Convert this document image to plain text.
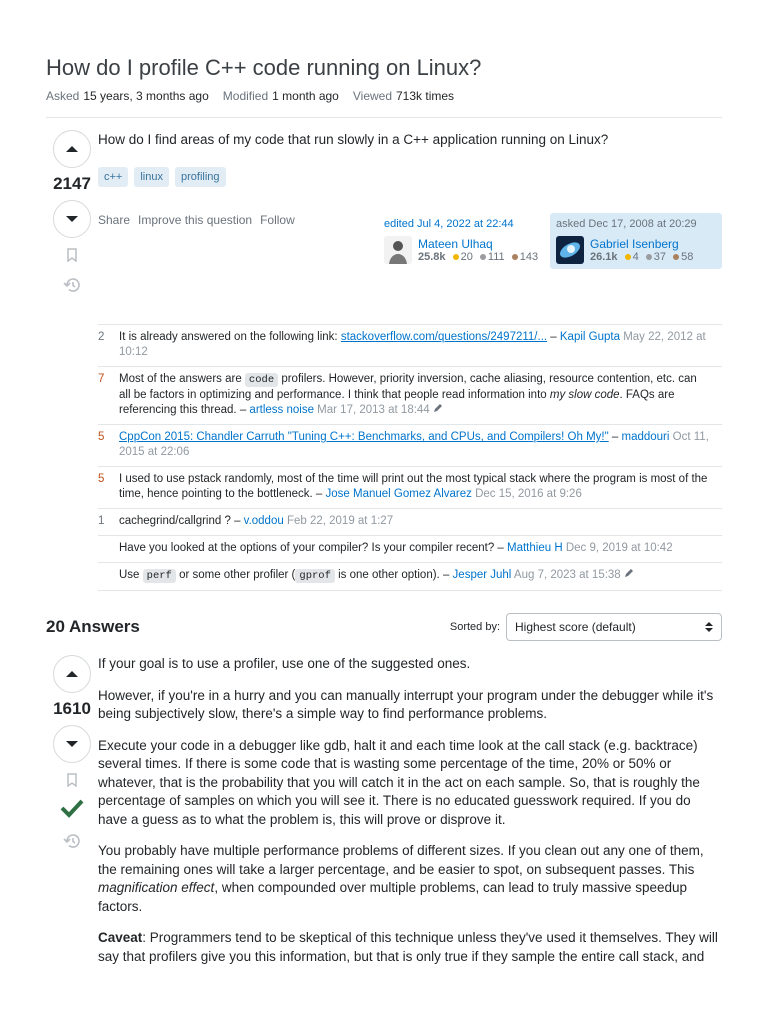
How do I profile C++ code running on Linux?
Asked 15 years, 3 months ago Modified 1 month ago Viewed 713k times
2147
How do I find areas of my code that run slowly in a C++ application running on Linux?
c++	linux	profiling
Share Improve this question Follow	edited Jul 4, 2022 at 22:44
Mateen Ulhaq
25.8k 20
111
143
asked Dec 17, 2008 at 20:29
Gabriel Isenberg
26.1k 4
37
58
2	It is already answered on the following link: stackoverflow.com/questions/2497211/... – Kapil Gupta May 22, 2012 at 10:12
7	Most of the answers are code profilers. However, priority inversion, cache aliasing, resource contention, etc. can all be factors in optimizing and performance. I think that people read information into my slow code. FAQs are referencing this thread. – artless noise Mar 17, 2013 at 18:44
5	CppCon 2015: Chandler Carruth "Tuning C++: Benchmarks, and CPUs, and Compilers! Oh My!" – maddouri Oct 11, 2015 at 22:06
5	I used to use pstack randomly, most of the time will print out the most typical stack where the program is most of the time, hence pointing to the bottleneck. – Jose Manuel Gomez Alvarez Dec 15, 2016 at 9:26
1	cachegrind/callgrind ? – v.oddou Feb 22, 2019 at 1:27
Have you looked at the options of your compiler? Is your compiler recent? – Matthieu H Dec 9, 2019 at 10:42
Use perf or some other profiler ( gprof is one other option). – Jesper Juhl Aug 7, 2023 at 15:38
20 Answers	Sorted by: Highest score (default)
1610

If your goal is to use a profiler, use one of the suggested ones.

However, if you're in a hurry and you can manually interrupt your program under the debugger while it's being subjectively slow, there's a simple way to find performance problems.

Execute your code in a debugger like gdb, halt it and each time look at the call stack (e.g. backtrace) several times. If there is some code that is wasting some percentage of the time, 20% or 50% or whatever, that is the probability that you will catch it in the act on each sample. So, that is roughly the percentage of samples on which you will see it. There is no educated guesswork required. If you do have a guess as to what the problem is, this will prove or disprove it.

You probably have multiple performance problems of different sizes. If you clean out any one of them, the remaining ones will take a larger percentage, and be easier to spot, on subsequent passes. This magnification effect, when compounded over multiple problems, can lead to truly massive speedup factors.

Caveat: Programmers tend to be skeptical of this technique unless they've used it themselves. They will say that profilers give you this information, but that is only true if they sample the entire call stack, and
